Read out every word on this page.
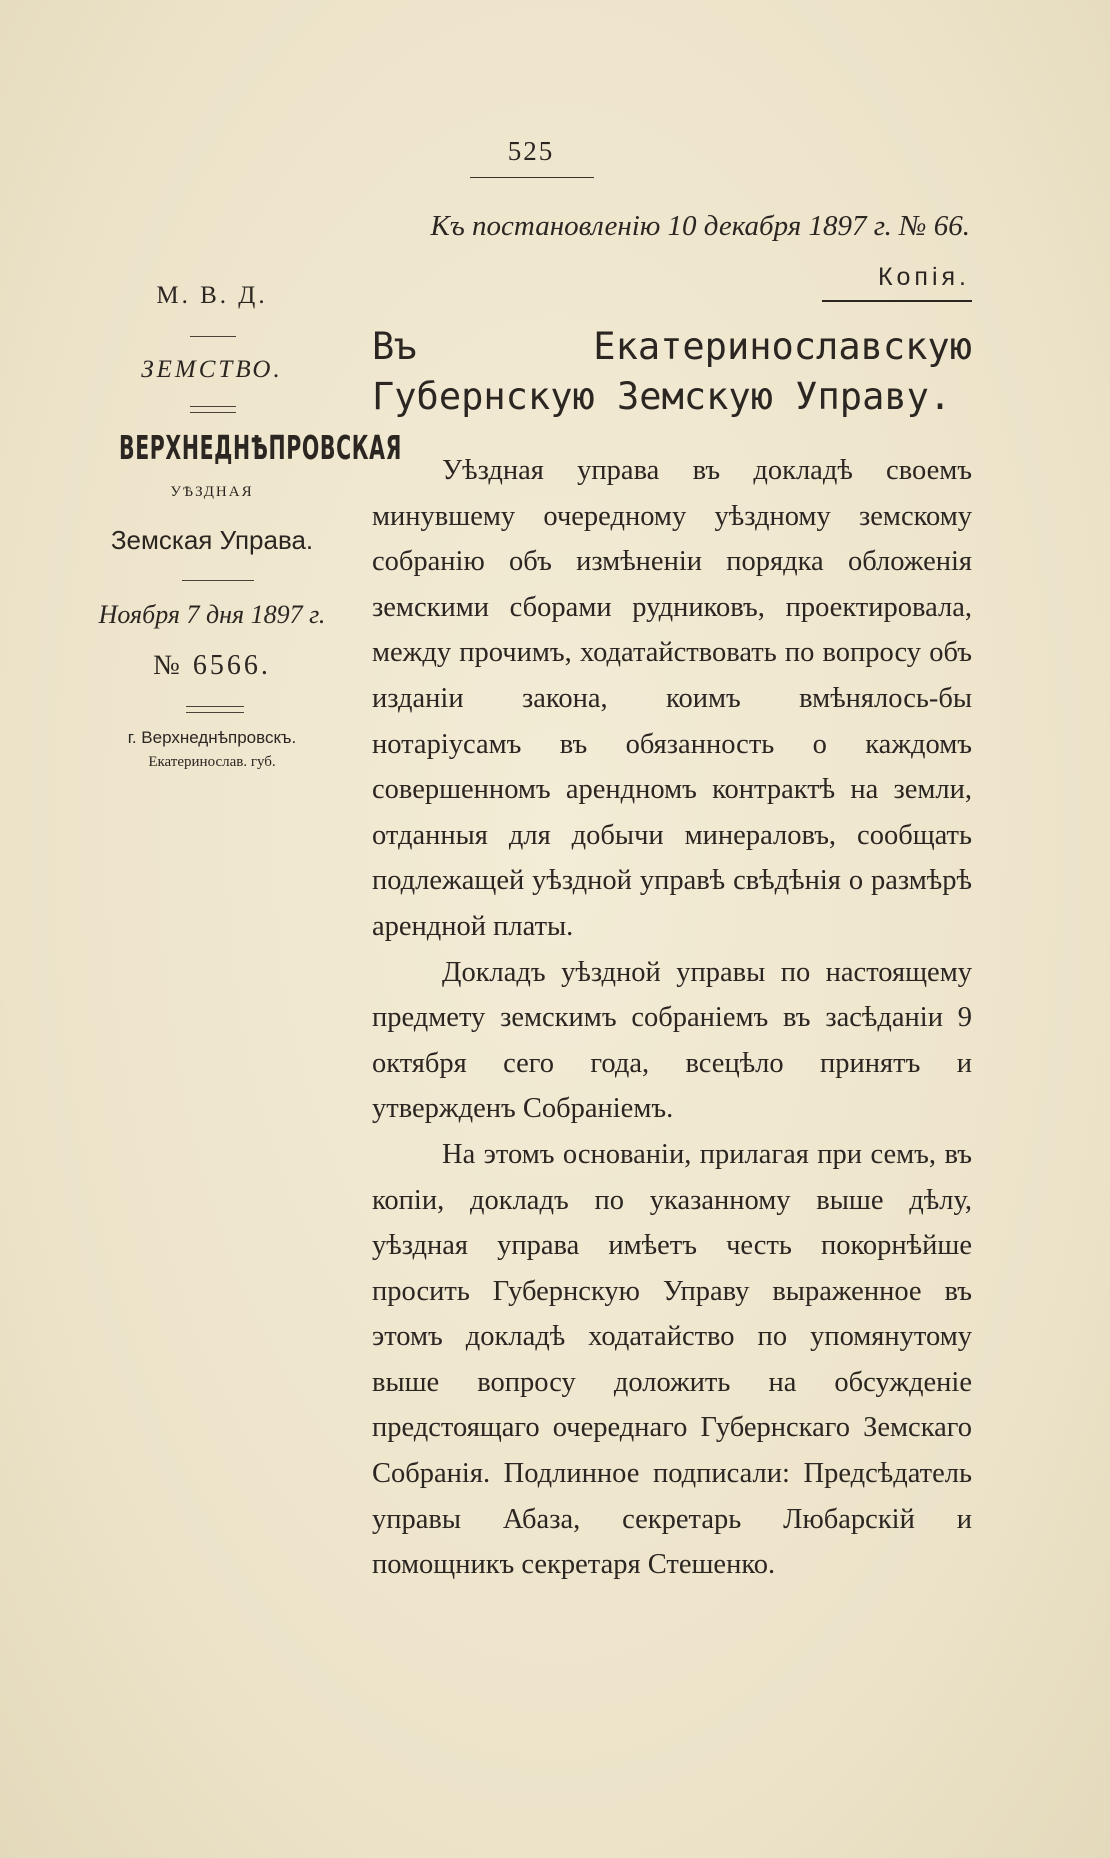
525
Къ постановленію 10 декабря 1897 г. № 66.
Копія.
М. В. Д.
ЗЕМСТВО.
ВЕРХНЕДНѢПРОВСКАЯ
УѢЗДНАЯ
Земская Управа.
Ноября 7 дня 1897 г.
№ 6566.
г. Верхнеднѣпровскъ.
Екатеринослав. губ.
Въ Екатеринославскую Губернскую Земскую Управу.

Уѣздная управа въ докладѣ своемъ минувшему очередному уѣздному земскому собранію объ измѣненіи порядка обложенія земскими сборами рудниковъ, проектировала, между прочимъ, ходатайствовать по вопросу объ изданіи закона, коимъ вмѣнялось-бы нотаріусамъ въ обязанность о каждомъ совершенномъ арендномъ контрактѣ на земли, отданныя для добычи минераловъ, сообщать подлежащей уѣздной управѣ свѣдѣнія о размѣрѣ арендной платы.

Докладъ уѣздной управы по настоящему предмету земскимъ собраніемъ въ засѣданіи 9 октября сего года, всецѣло принятъ и утвержденъ Собраніемъ.

На этомъ основаніи, прилагая при семъ, въ копіи, докладъ по указанному выше дѣлу, уѣздная управа имѣетъ честь покорнѣйше просить Губернскую Управу выраженное въ этомъ докладѣ ходатайство по упомянутому выше вопросу доложить на обсужденіе предстоящаго очереднаго Губернскаго Земскаго Собранія. Подлинное подписали: Предсѣдатель управы Абаза, секретарь Любарскій и помощникъ секретаря Стешенко.
